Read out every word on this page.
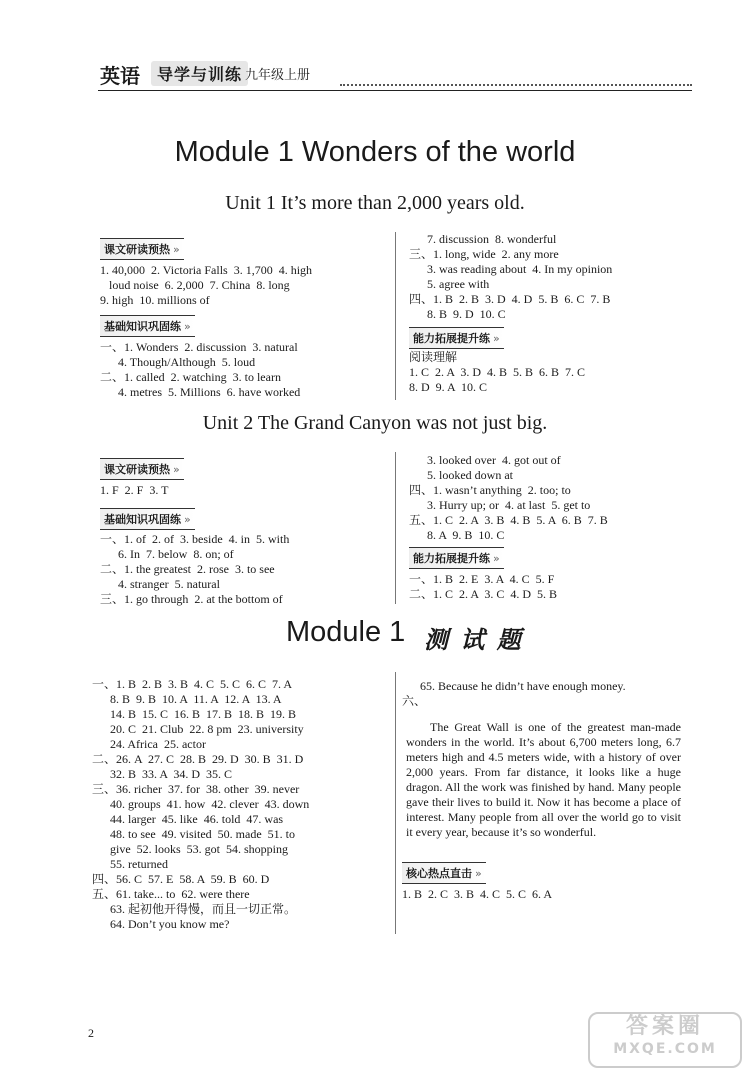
英语	导学与训练 九年级上册
Module 1 Wonders of the world
Unit 1 It’s more than 2,000 years old.
课文研读预热 »
1. 40,000  2. Victoria Falls  3. 1,700  4. high
loud noise  6. 2,000  7. China  8. long
9. high  10. millions of
基础知识巩固练 »
一、1. Wonders  2. discussion  3. natural
4. Though/Although  5. loud
二、1. called  2. watching  3. to learn
4. metres  5. Millions  6. have worked
7. discussion  8. wonderful
三、1. long, wide  2. any more
3. was reading about  4. In my opinion
5. agree with
四、1. B  2. B  3. D  4. D  5. B  6. C  7. B
8. B  9. D  10. C
能力拓展提升练 »
阅读理解
1. C  2. A  3. D  4. B  5. B  6. B  7. C
8. D  9. A  10. C
Unit 2 The Grand Canyon was not just big.
课文研读预热 »
1. F  2. F  3. T
基础知识巩固练 »
一、1. of  2. of  3. beside  4. in  5. with
6. In  7. below  8. on; of
二、1. the greatest  2. rose  3. to see
4. stranger  5. natural
三、1. go through  2. at the bottom of
3. looked over  4. got out of
5. looked down at
四、1. wasn’t anything  2. too; to
3. Hurry up; or  4. at last  5. get to
五、1. C  2. A  3. B  4. B  5. A  6. B  7. B
8. A  9. B  10. C
能力拓展提升练 »
一、1. B  2. E  3. A  4. C  5. F
二、1. C  2. A  3. C  4. D  5. B
Module 1 测 试 题
一、1. B  2. B  3. B  4. C  5. C  6. C  7. A
8. B  9. B  10. A  11. A  12. A  13. A
14. B  15. C  16. B  17. B  18. B  19. B
20. C  21. Club  22. 8 pm  23. university
24. Africa  25. actor
二、26. A  27. C  28. B  29. D  30. B  31. D
32. B  33. A  34. D  35. C
三、36. richer  37. for  38. other  39. never
40. groups  41. how  42. clever  43. down
44. larger  45. like  46. told  47. was
48. to see  49. visited  50. made  51. to
give  52. looks  53. got  54. shopping
55. returned
四、56. C  57. E  58. A  59. B  60. D
五、61. take... to  62. were there
63. 起初他开得慢，而且一切正常。
64. Don’t you know me?
65. Because he didn’t have enough money.
六、
The Great Wall is one of the greatest man-made wonders in the world. It’s about 6,700 meters long, 6.7 meters high and 4.5 meters wide, with a history of over 2,000 years. From far distance, it looks like a huge dragon. All the work was finished by hand. Many people gave their lives to build it. Now it has become a place of interest. Many people from all over the world go to visit it every year, because it’s so wonderful.
核心热点直击 »
1. B  2. C  3. B  4. C  5. C  6. A
2	答案圈
MXQE.COM
